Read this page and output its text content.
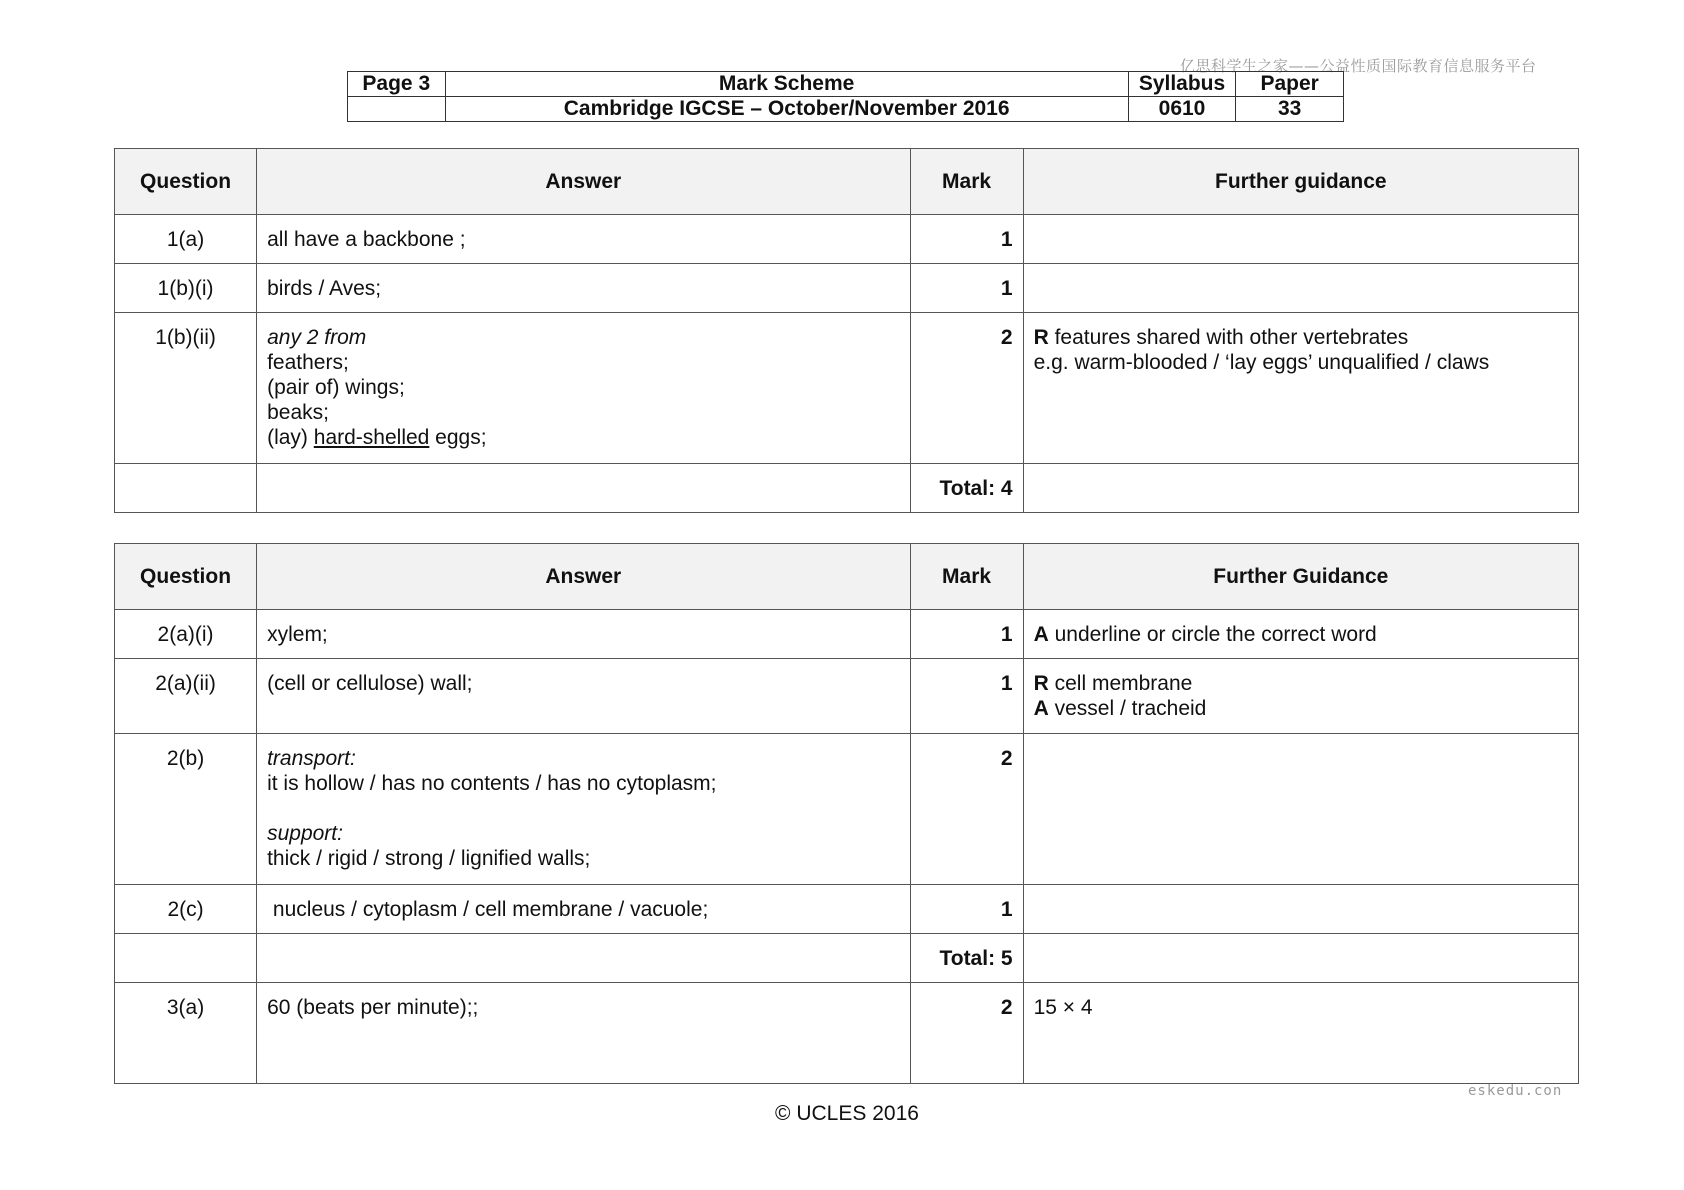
亿思科学生之家——公益性质国际教育信息服务平台
Page 3	Mark Scheme	Syllabus	Paper
	Cambridge IGCSE – October/November 2016	0610	33
Question	Answer	Mark	Further guidance
1(a)	all have a backbone ;	1	
1(b)(i)	birds / Aves;	1	
1(b)(ii)	any 2 from
feathers;
(pair of) wings;
beaks;
(lay) hard-shelled eggs;	2	R features shared with other vertebrates
e.g. warm-blooded / ‘lay eggs’ unqualified / claws

		Total: 4	
Question	Answer	Mark	Further Guidance
2(a)(i)	xylem;	1	A underline or circle the correct word
2(a)(ii)	(cell or cellulose) wall;	1	R cell membrane
A vessel / tracheid

2(b)	transport:
it is hollow / has no contents / has no cytoplasm;
support:
thick / rigid / strong / lignified walls;	2	
2(c)	nucleus / cytoplasm / cell membrane / vacuole;	1	
		Total: 5	
3(a)	60 (beats per minute);;	2	15 × 4
eskedu.con
© UCLES 2016
